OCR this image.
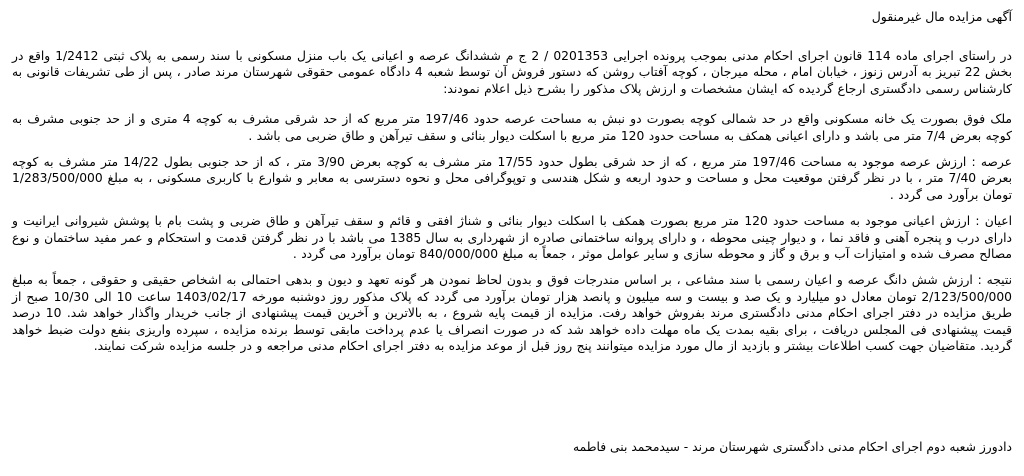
آگهی مزایده مال غیرمنقول

در راستای اجرای ماده 114 قانون اجرای احکام مدنی بموجب پرونده اجرایی 0201353 / 2 ج م ششدانگ عرصه و اعیانی یک باب منزل مسکونی با سند رسمی به پلاک ثبتی 1/2412 واقع در بخش 22 تبریز به آدرس زنوز ، خیابان امام ، محله میرجان ، کوچه آفتاب روشن که دستور فروش آن توسط شعبه 4 دادگاه عمومی حقوقی شهرستان مرند صادر ، پس از طی تشریفات قانونی به کارشناس رسمی دادگستری ارجاع گردیده که ایشان مشخصات و ارزش پلاک مذکور را بشرح ذیل اعلام نمودند:

ملک فوق بصورت یک خانه مسکونی واقع در حد شمالی کوچه بصورت دو نبش به مساحت عرصه حدود 197/46 متر مربع که از حد شرقی مشرف به کوچه 4 متری و از حد جنوبی مشرف به کوچه بعرض 7/4 متر می باشد و دارای اعیانی همکف به مساحت حدود 120 متر مربع با اسکلت دیوار بنائی و سقف تیرآهن و طاق ضربی می باشد .

عرصه : ارزش عرصه موجود به مساحت 197/46 متر مربع ، که از حد شرقی بطول حدود 17/55 متر مشرف به کوچه بعرض 3/90 متر ، که از حد جنوبی بطول 14/22 متر مشرف به کوچه بعرض 7/40 متر ، با در نظر گرفتن موقعیت محل و مساحت و حدود اربعه و شکل هندسی و توپوگرافی محل و نحوه دسترسی به معابر و شوارع با کاربری مسکونی ، به مبلغ 1/283/500/000 تومان برآورد می گردد .

اعیان : ارزش اعیانی موجود به مساحت حدود 120 متر مربع بصورت همکف با اسکلت دیوار بنائی و شناژ افقی و قائم و سقف تیرآهن و طاق ضربی و پشت بام با پوشش شیروانی ایرانیت و دارای درب و پنجره آهنی و فاقد نما ، و دیوار چینی محوطه ، و دارای پروانه ساختمانی صادره از شهرداری به سال 1385 می باشد با در نظر گرفتن قدمت و استحکام و عمر مفید ساختمان و نوع مصالح مصرف شده و امتیازات آب و برق و گاز و محوطه سازی و سایر عوامل موثر ، جمعاً به مبلغ 840/000/000 تومان برآورد می گردد .

نتیجه : ارزش شش دانگ عرصه و اعیان رسمی با سند مشاعی ، بر اساس مندرجات فوق و بدون لحاظ نمودن هر گونه تعهد و دیون و بدهی احتمالی به اشخاص حقیقی و حقوقی ، جمعاً به مبلغ 2/123/500/000 تومان معادل دو میلیارد و یک صد و بیست و سه میلیون و پانصد هزار تومان برآورد می گردد که پلاک مذکور روز دوشنبه مورخه 1403/02/17 ساعت 10 الی 10/30 صبح از طریق مزایده در دفتر اجرای احکام مدنی دادگستری مرند بفروش خواهد رفت. مزایده از قیمت پایه شروع ، به بالاترین و آخرین قیمت پیشنهادی از جانب خریدار واگذار خواهد شد. 10 درصد قیمت پیشنهادی فی المجلس دریافت ، برای بقیه بمدت یک ماه مهلت داده خواهد شد که در صورت انصراف یا عدم پرداخت مابقی توسط برنده مزایده ، سپرده واریزی بنفع دولت ضبط خواهد گردید. متقاضیان جهت کسب اطلاعات بیشتر و بازدید از مال مورد مزایده میتوانند پنج روز قبل از موعد مزایده به دفتر اجرای احکام مدنی مراجعه و در جلسه مزایده شرکت نمایند.

دادورز شعبه دوم اجرای احکام مدنی دادگستری شهرستان مرند - سیدمحمد بنی فاطمه
